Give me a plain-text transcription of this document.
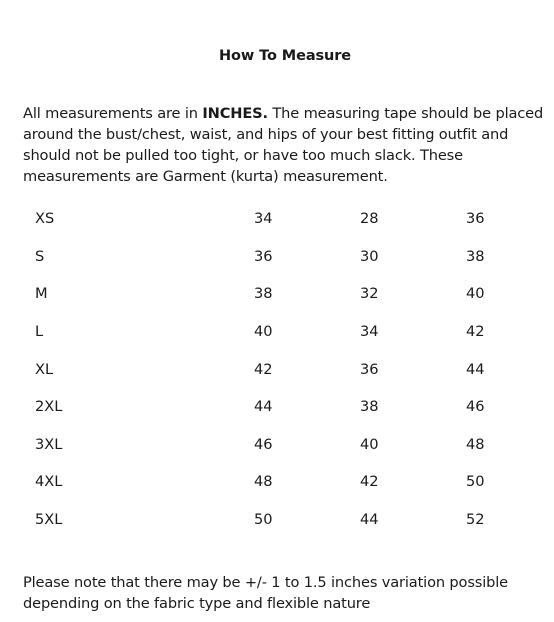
How To Measure

All measurements are in INCHES. The measuring tape should be placed around the bust/chest, waist, and hips of your best fitting outfit and should not be pulled too tight, or have too much slack. These measurements are Garment (kurta) measurement.

XS	34	28	36
S	36	30	38
M	38	32	40
L	40	34	42
XL	42	36	44
2XL	44	38	46
3XL	46	40	48
4XL	48	42	50
5XL	50	44	52

Please note that there may be +/- 1 to 1.5 inches variation possible depending on the fabric type and flexible nature
